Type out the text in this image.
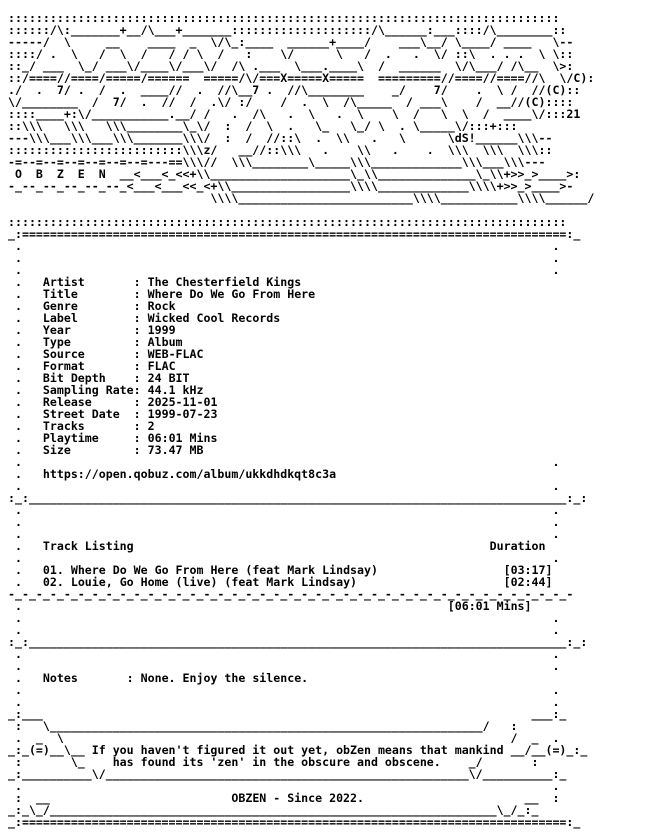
:::::::::::::::::::::::::::::::::::::::::::::::::::::::::::::::::::::::::::::::
::::::/\:_______+__/\___+_______::::::::::::::::::::/\______:___::::/\________::
-----/  \     __    ____  _  \/\_:____  ______+____/    ___\__/ \____/ ____   \--
::::/ .  \   /  \  /   / / \  /   :    \/      \   /  .   .  \/ ::\  . . .  \ \::
::_/ ___  \_/ ___\/____\/___\/  /\ .___  \___.____\  /  ______  \/\___/ /\__  \>:
::/====//====/=====/======  =====/\/===X=====X=====  =========//====//====//\  \/C):
./  .  7/ .  /  .  ____//  .  //\__7 .  //\________    _/    7/    .  \ /  //(C)::
\/________  /  7/  .  //  /  .\/ :/    /  .  \  /\_____  / ___\    /  __//(C)::::
::::____+:\/___________.__/ /   .  /\   .  \   .  \    \  /   \  \  /  ____\/:::21
::\\\   \\\   \\\________\_\/  :  /  \  .   \_   \_/ \  . \_____\/:::+:::
---\\\___\\\___\\\_______\\\/  :  /  //::\  .  \\   .   \      \dS!______\\\--
:::::::::::::::::::::::::\\\z/   __//::\\\   .    \\   .    .  \\\  \\\  \\\::
-=--=--=--=--=--=--=---==\\\//  \\\________\_____\\\_____________\\\___\\\---
O  B  Z  E  N  __<___<_<<+\\____________________\_\\______________\_\\+>>_>____>:
-_--_--_--_--_--_<___<___<<_<+\\_________________\\\\_____________\\\\+>>_>____>-
\\\\_________________________\\\\___________\\\\______/

::::::::::::::::::::::::::::::::::::::::::::::::::::::::::::::::::::::::::::::::
_:==============================================================================:_
.                                                                            .
.                                                                            .
.                                                                            .
.   Artist       : The Chesterfield Kings
.   Title        : Where Do We Go From Here
.   Genre        : Rock
.   Label        : Wicked Cool Records
.   Year         : 1999
.   Type         : Album
.   Source       : WEB-FLAC
.   Format       : FLAC
.   Bit Depth    : 24 BIT
.   Sampling Rate: 44.1 kHz
.   Release      : 2025-11-01
.   Street Date  : 1999-07-23
.   Tracks       : 2
.   Playtime     : 06:01 Mins
.   Size         : 73.47 MB
.                                                                            .
.   https://open.qobuz.com/album/ukkdhdkqt8c3a
.                                                                            .
:_:_____________________________________________________________________________:_:
.                                                                            .
.                                                                            .
.                                                                            .
.   Track Listing	Duration
.                                                                            .
.   01. Where Do We Go From Here (feat Mark Lindsay)	[03:17]
.   02. Louie, Go Home (live) (feat Mark Lindsay)	[02:44]
-_-_-_-_-_-_-_-_-_-_-_-_-_-_-_-_-_-_-_-_-_-_-_-_-_-_-_-_-_-_-_-_-_-_-_-_-_-_-_-_-
.                                                             [06:01 Mins]
.                                                                            .
.                                                                            .
:_:_____________________________________________________________________________:_:
.                                                                            .
.                                                                            .
.   Notes       : None. Enjoy the silence.
.                                                                            .
.                                                                            .
_:___                                                                      ___:_
:   \______________________________________________________________/   :
.  _  \                                                                /  _  .
_:_(=)__\__ If you haven't figured it out yet, obZen means that mankind __/__(=)_:_
:       \_    has found its 'zen' in the obscure and obscene.    _/       :
_:__________\/____________________________________________________\/__________:_
.                                                                            .
:  __                          OBZEN - Since 2022.                       __  :
_:_\_/________________________________________________________________\_/_:_
_:==============================================================================:_
